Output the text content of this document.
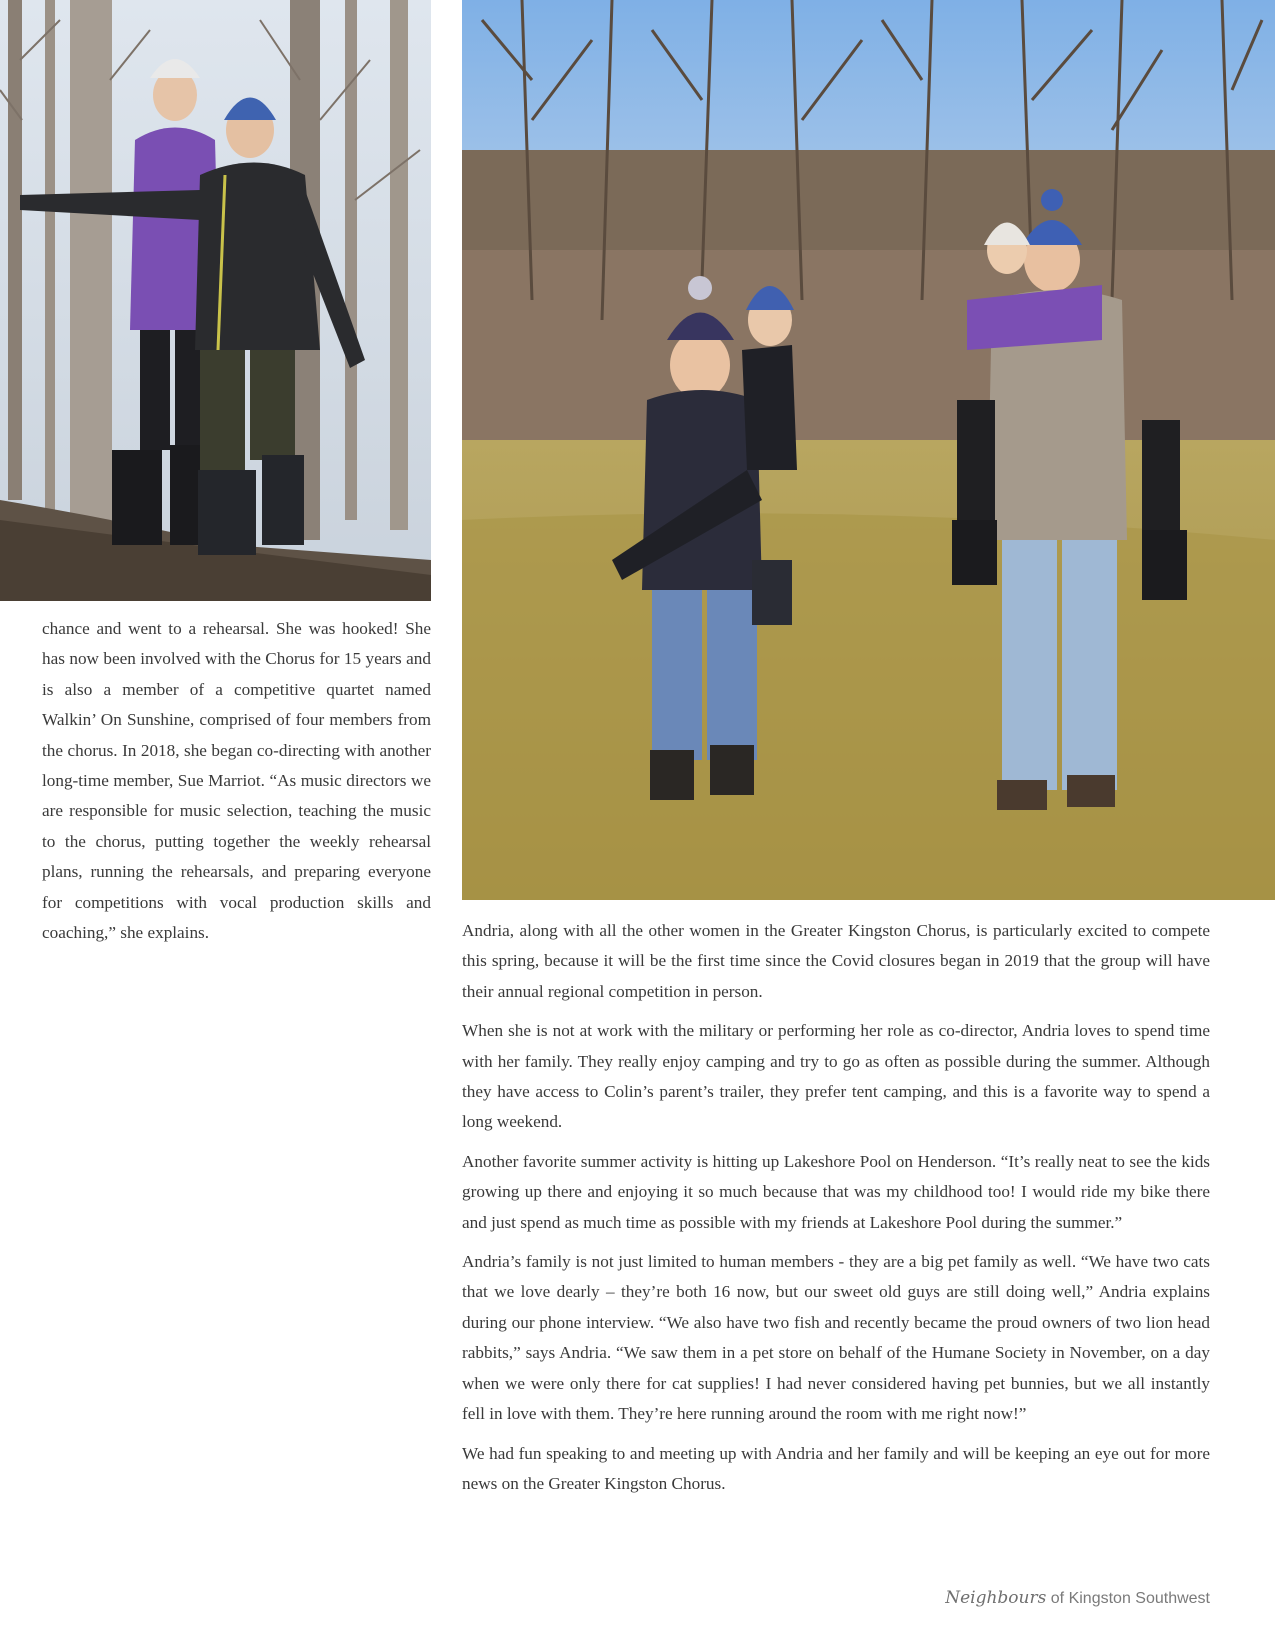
chance and went to a rehearsal. She was hooked! She has now been involved with the Chorus for 15 years and is also a member of a competitive quartet named Walkin’ On Sunshine, comprised of four members from the chorus. In 2018, she began co-directing with another long-time member, Sue Marriot. “As music directors we are responsible for music selection, teaching the music to the chorus, putting together the weekly rehearsal plans, running the rehearsals, and preparing everyone for competitions with vocal production skills and coaching,” she explains.	Andria, along with all the other women in the Greater Kingston Chorus, is particularly excited to compete this spring, because it will be the first time since the Covid closures began in 2019 that the group will have their annual regional competition in person.

When she is not at work with the military or performing her role as co-director, Andria loves to spend time with her family. They really enjoy camping and try to go as often as possible during the summer. Although they have access to Colin’s parent’s trailer, they prefer tent camping, and this is a favorite way to spend a long weekend.

Another favorite summer activity is hitting up Lakeshore Pool on Henderson. “It’s really neat to see the kids growing up there and enjoying it so much because that was my childhood too! I would ride my bike there and just spend as much time as possible with my friends at Lakeshore Pool during the summer.”

Andria’s family is not just limited to human members - they are a big pet family as well. “We have two cats that we love dearly – they’re both 16 now, but our sweet old guys are still doing well,” Andria explains during our phone interview. “We also have two fish and recently became the proud owners of two lion head rabbits,” says Andria. “We saw them in a pet store on behalf of the Humane Society in November, on a day when we were only there for cat supplies! I had never considered having pet bunnies, but we all instantly fell in love with them. They’re here running around the room with me right now!”

We had fun speaking to and meeting up with Andria and her family and will be keeping an eye out for more news on the Greater Kingston Chorus.

Neighbours of Kingston Southwest
